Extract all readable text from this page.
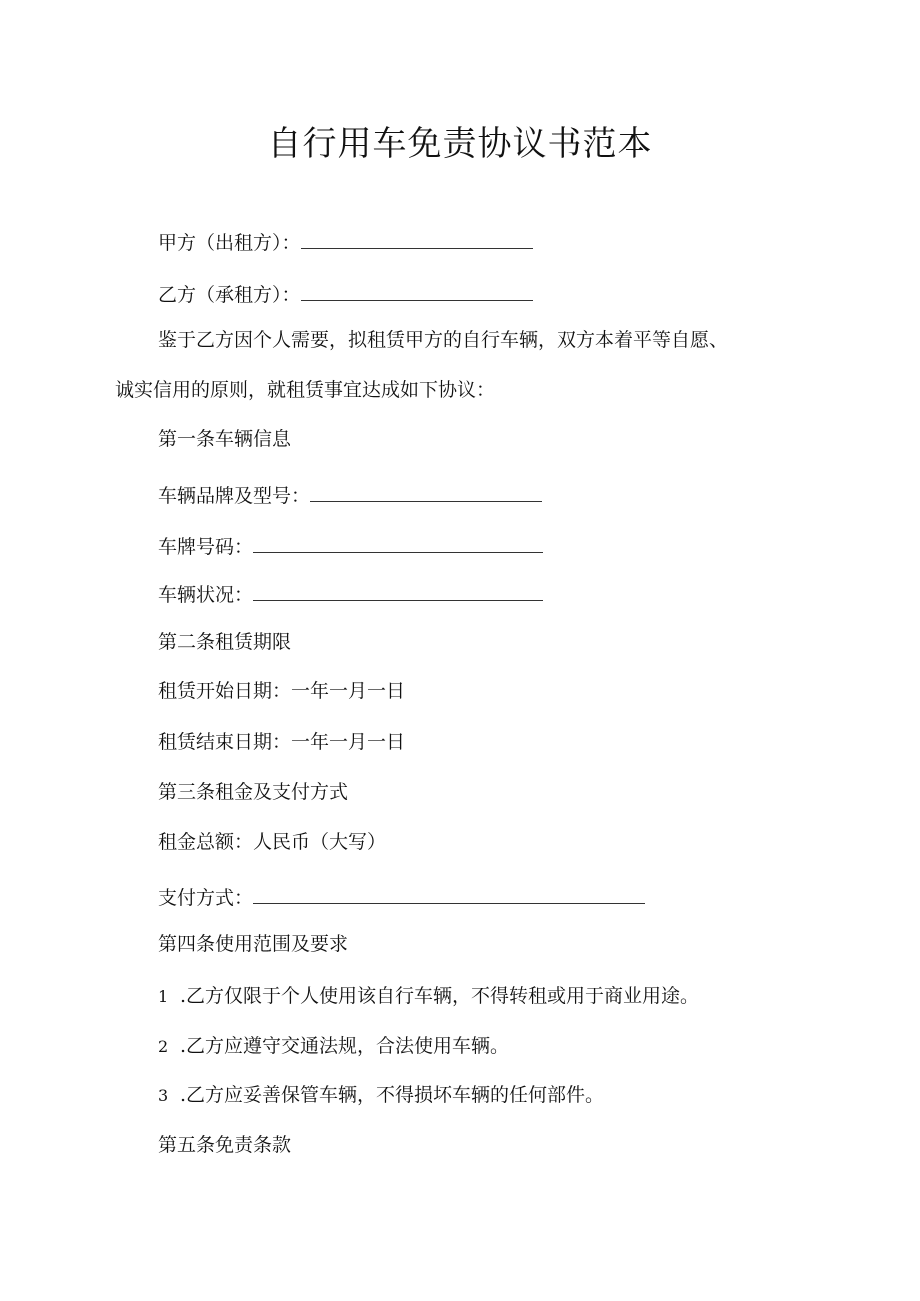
自行用车免责协议书范本
甲方（出租方）：
乙方（承租方）：
鉴于乙方因个人需要，拟租赁甲方的自行车辆，双方本着平等自愿、
诚实信用的原则，就租赁事宜达成如下协议：
第一条车辆信息
车辆品牌及型号：
车牌号码：
车辆状况：
第二条租赁期限
租赁开始日期：一年一月一日
租赁结束日期：一年一月一日
第三条租金及支付方式
租金总额：人民币（大写）
支付方式：
第四条使用范围及要求
1 .乙方仅限于个人使用该自行车辆，不得转租或用于商业用途。
2 .乙方应遵守交通法规，合法使用车辆。
3 .乙方应妥善保管车辆，不得损坏车辆的任何部件。
第五条免责条款
